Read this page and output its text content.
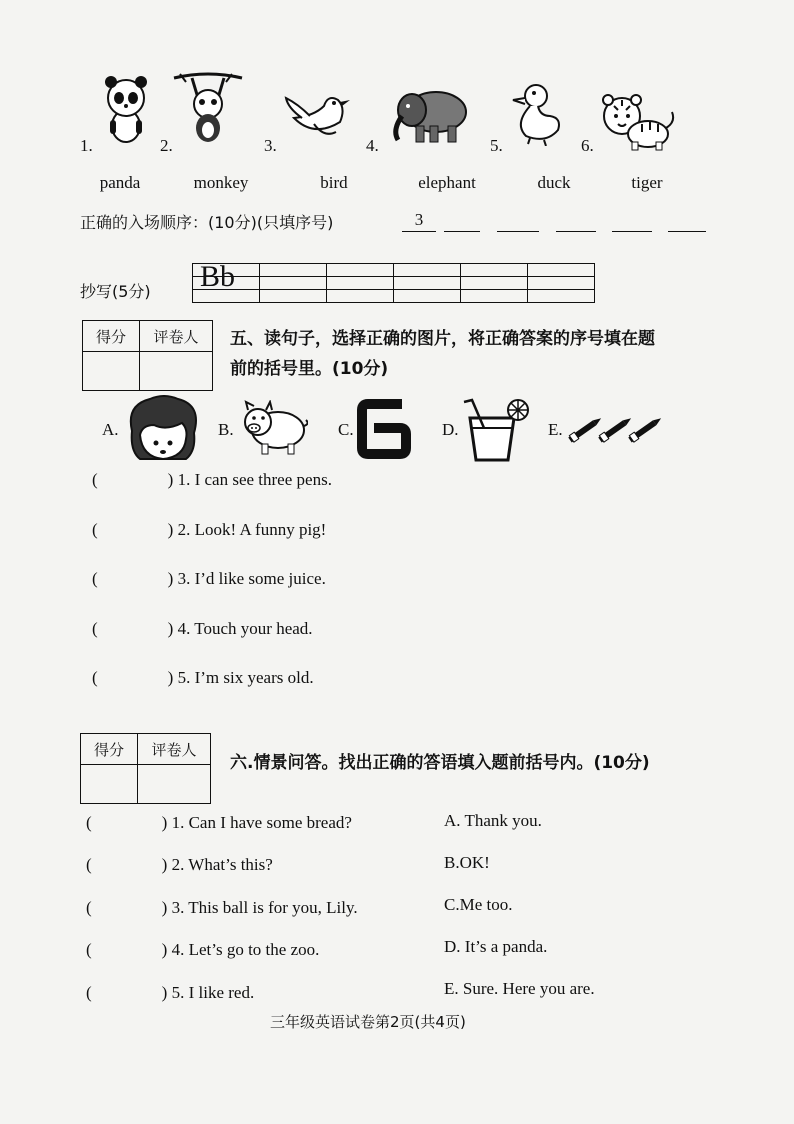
1.
panda
2.
monkey
3.
bird
4.
elephant
5.
duck
6.
tiger
正确的入场顺序：(10分)(只填序号)	3
抄写(5分)

					Bb
得分	评卷人
	五、读句子，选择正确的图片，将正确答案的序号填在题
前的括号里。(10分)
A.	B.	C.	D.	E.
(	) 1. I can see three pens.
(	) 2. Look! A funny pig!
(	) 3. I’d like some juice.
(	) 4. Touch your head.
(	) 5. I’m six years old.
得分	评卷人

六.情景问答。找出正确的答语填入题前括号内。(10分)
(	) 1. Can I have some bread?	A. Thank you.
(	) 2. What’s this?	B.OK!
(	) 3. This ball is for you, Lily.	C.Me too.
(	) 4. Let’s go to the zoo.	D. It’s a panda.
(	) 5. I like red.	E. Sure. Here you are.
三年级英语试卷第2页(共4页)
